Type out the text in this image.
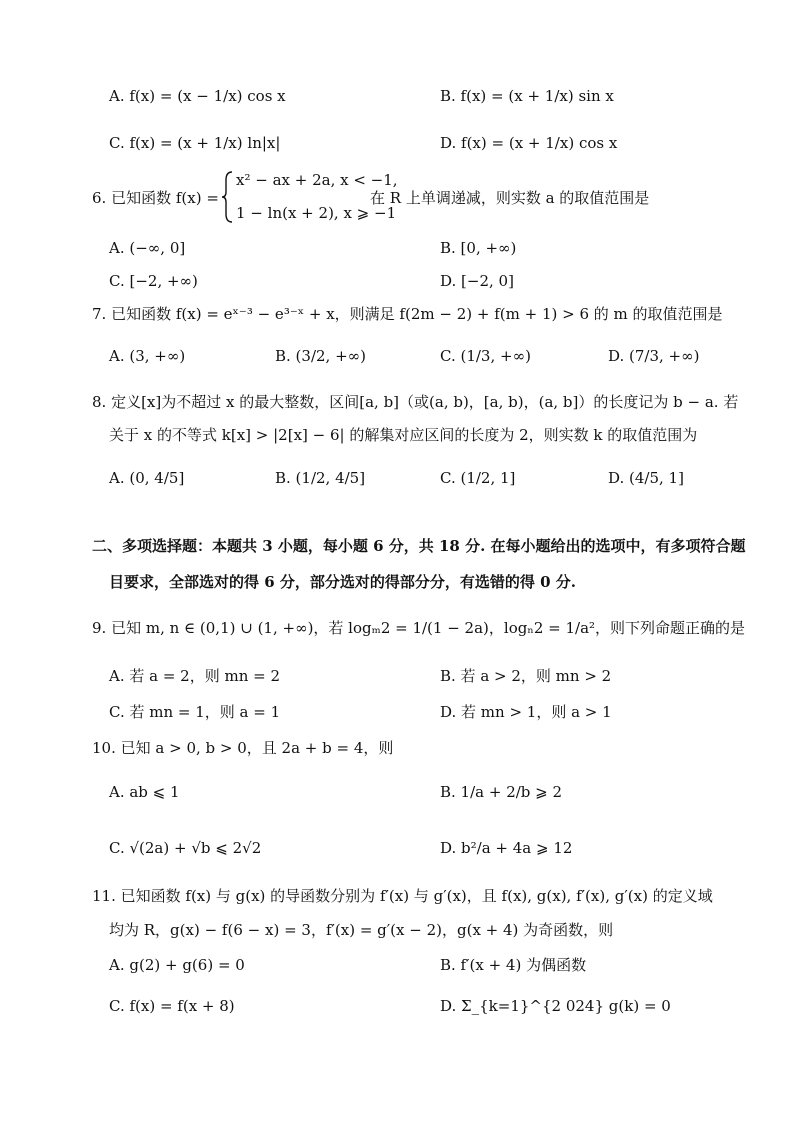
A. f(x) = (x − 1/x) cos x	B. f(x) = (x + 1/x) sin x
C. f(x) = (x + 1/x) ln|x|	D. f(x) = (x + 1/x) cos x
6. 已知函数 f(x) =
x² − ax + 2a, x < −1,
1 − ln(x + 2), x ⩾ −1
在 R 上单调递减，则实数 a 的取值范围是
A. (−∞, 0]	B. [0, +∞)
C. [−2, +∞)	D. [−2, 0]
7. 已知函数 f(x) = eˣ⁻³ − e³⁻ˣ + x，则满足 f(2m − 2) + f(m + 1) > 6 的 m 的取值范围是
A. (3, +∞)	B. (3/2, +∞)	C. (1/3, +∞)	D. (7/3, +∞)
8. 定义[x]为不超过 x 的最大整数，区间[a, b]（或(a, b)，[a, b)，(a, b]）的长度记为 b − a. 若
关于 x 的不等式 k[x] > |2[x] − 6| 的解集对应区间的长度为 2，则实数 k 的取值范围为
A. (0, 4/5]	B. (1/2, 4/5]	C. (1/2, 1]	D. (4/5, 1]
二、多项选择题：本题共 3 小题，每小题 6 分，共 18 分. 在每小题给出的选项中，有多项符合题
目要求，全部选对的得 6 分，部分选对的得部分分，有选错的得 0 分.
9. 已知 m, n ∈ (0,1) ∪ (1, +∞)，若 logₘ2 = 1/(1 − 2a)，logₙ2 = 1/a²，则下列命题正确的是
A. 若 a = 2，则 mn = 2	B. 若 a > 2，则 mn > 2
C. 若 mn = 1，则 a = 1	D. 若 mn > 1，则 a > 1
10. 已知 a > 0, b > 0，且 2a + b = 4，则
A. ab ⩽ 1	B. 1/a + 2/b ⩾ 2
C. √(2a) + √b ⩽ 2√2	D. b²/a + 4a ⩾ 12
11. 已知函数 f(x) 与 g(x) 的导函数分别为 f′(x) 与 g′(x)，且 f(x), g(x), f′(x), g′(x) 的定义域
均为 R，g(x) − f(6 − x) = 3，f′(x) = g′(x − 2)，g(x + 4) 为奇函数，则
A. g(2) + g(6) = 0	B. f′(x + 4) 为偶函数
C. f(x) = f(x + 8)	D. Σ_{k=1}^{2 024} g(k) = 0
